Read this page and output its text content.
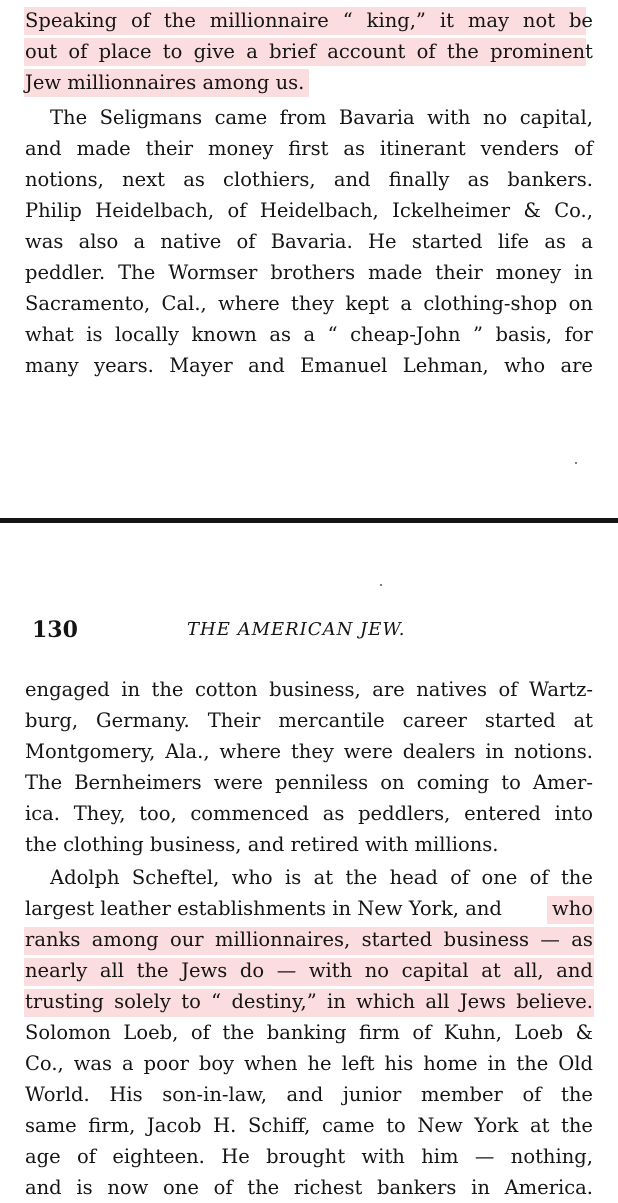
Speaking of the millionnaire “ king,” it may not be
out of place to give a brief account of the prominent
Jew millionnaires among us.
The Seligmans came from Bavaria with no capital,
and made their money first as itinerant venders of
notions, next as clothiers, and finally as bankers.
Philip Heidelbach, of Heidelbach, Ickelheimer & Co.,
was also a native of Bavaria. He started life as a
peddler. The Wormser brothers made their money in
Sacramento, Cal., where they kept a clothing-shop on
what is locally known as a “ cheap-John ” basis, for
many years. Mayer and Emanuel Lehman, who are
130	THE AMERICAN JEW.
engaged in the cotton business, are natives of Wartz-
burg, Germany. Their mercantile career started at
Montgomery, Ala., where they were dealers in notions.
The Bernheimers were penniless on coming to Amer-
ica. They, too, commenced as peddlers, entered into
the clothing business, and retired with millions.
Adolph Scheftel, who is at the head of one of the
largest leather establishments in New York, and	who
ranks among our millionnaires, started business — as
nearly all the Jews do — with no capital at all, and
trusting solely to “ destiny,” in which all Jews believe.
Solomon Loeb, of the banking firm of Kuhn, Loeb &
Co., was a poor boy when he left his home in the Old
World. His son-in-law, and junior member of the
same firm, Jacob H. Schiff, came to New York at the
age of eighteen. He brought with him — nothing,
and is now one of the richest bankers in America.
